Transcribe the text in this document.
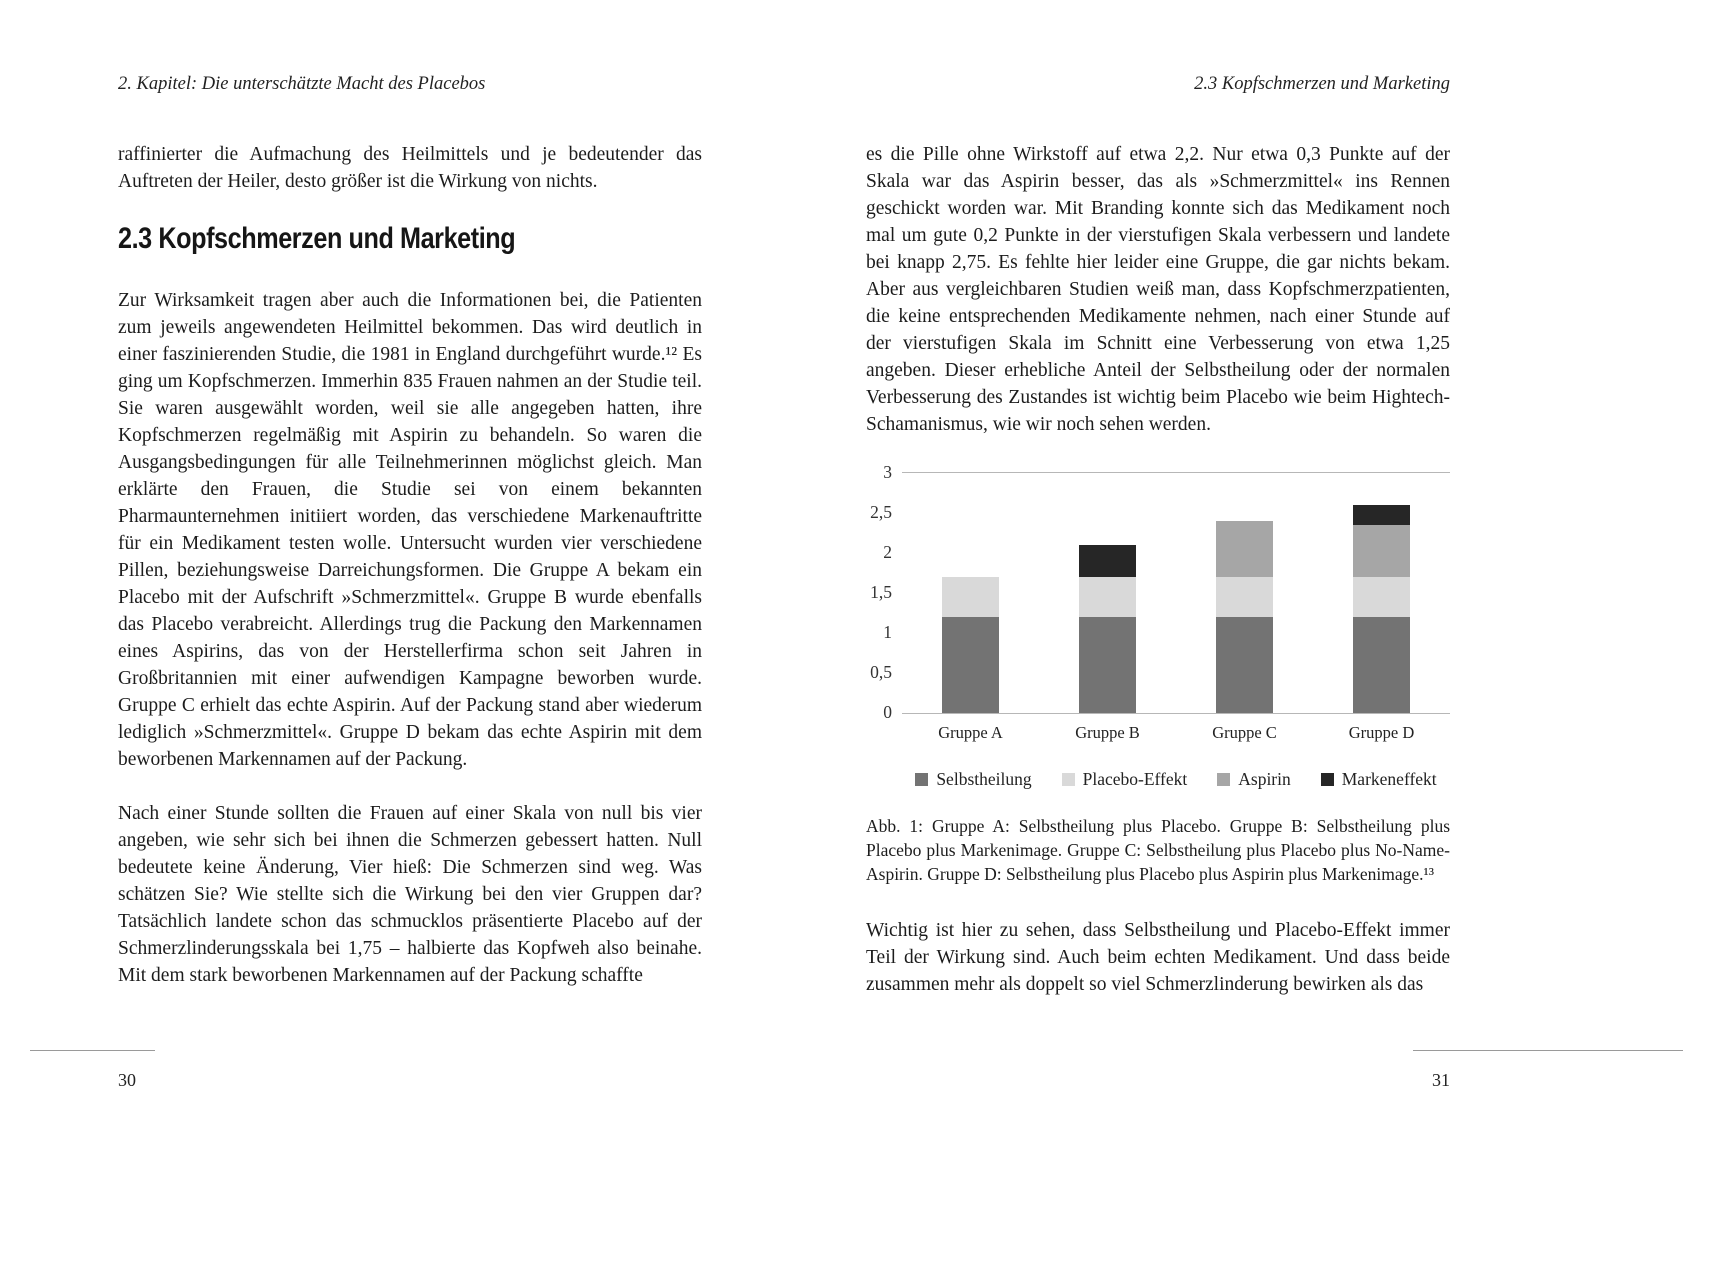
2. Kapitel: Die unterschätzte Macht des Placebos	2.3 Kopfschmerzen und Marketing

raffinierter die Aufmachung des Heilmittels und je bedeutender das Auftreten der Heiler, desto größer ist die Wirkung von nichts.

2.3 Kopfschmerzen und Marketing

Zur Wirksamkeit tragen aber auch die Informationen bei, die Patienten zum jeweils angewendeten Heilmittel bekommen. Das wird deutlich in einer faszinierenden Studie, die 1981 in England durchgeführt wurde.¹² Es ging um Kopfschmerzen. Immerhin 835 Frauen nahmen an der Studie teil. Sie waren ausgewählt worden, weil sie alle angegeben hatten, ihre Kopfschmerzen regelmäßig mit Aspirin zu behandeln. So waren die Ausgangsbedingungen für alle Teilnehmerinnen möglichst gleich. Man erklärte den Frauen, die Studie sei von einem bekannten Pharmaunternehmen initiiert worden, das verschiedene Markenauftritte für ein Medikament testen wolle. Untersucht wurden vier verschiedene Pillen, beziehungsweise Darreichungsformen. Die Gruppe A bekam ein Placebo mit der Aufschrift »Schmerzmittel«. Gruppe B wurde ebenfalls das Placebo verabreicht. Allerdings trug die Packung den Markennamen eines Aspirins, das von der Herstellerfirma schon seit Jahren in Großbritannien mit einer aufwendigen Kampagne beworben wurde. Gruppe C erhielt das echte Aspirin. Auf der Packung stand aber wiederum lediglich »Schmerzmittel«. Gruppe D bekam das echte Aspirin mit dem beworbenen Markennamen auf der Packung.

Nach einer Stunde sollten die Frauen auf einer Skala von null bis vier angeben, wie sehr sich bei ihnen die Schmerzen gebessert hatten. Null bedeutete keine Änderung, Vier hieß: Die Schmerzen sind weg. Was schätzen Sie? Wie stellte sich die Wirkung bei den vier Gruppen dar? Tatsächlich landete schon das schmucklos präsentierte Placebo auf der Schmerzlinderungsskala bei 1,75 – halbierte das Kopfweh also beinahe. Mit dem stark beworbenen Markennamen auf der Packung schaffte

es die Pille ohne Wirkstoff auf etwa 2,2. Nur etwa 0,3 Punkte auf der Skala war das Aspirin besser, das als »Schmerzmittel« ins Rennen geschickt worden war. Mit Branding konnte sich das Medikament noch mal um gute 0,2 Punkte in der vierstufigen Skala verbessern und landete bei knapp 2,75. Es fehlte hier leider eine Gruppe, die gar nichts bekam. Aber aus vergleichbaren Studien weiß man, dass Kopfschmerzpatienten, die keine entsprechenden Medikamente nehmen, nach einer Stunde auf der vierstufigen Skala im Schnitt eine Verbesserung von etwa 1,25 angeben. Dieser erhebliche Anteil der Selbstheilung oder der normalen Verbesserung des Zustandes ist wichtig beim Placebo wie beim Hightech-Schamanismus, wie wir noch sehen werden.

0
0,5
1
1,5
2
2,5
3
Gruppe A	Gruppe B	Gruppe C	Gruppe D
Selbstheilung	Placebo-Effekt	Aspirin	Markeneffekt

Abb. 1: Gruppe A: Selbstheilung plus Placebo. Gruppe B: Selbstheilung plus Placebo plus Markenimage. Gruppe C: Selbstheilung plus Placebo plus No-Name-Aspirin. Gruppe D: Selbstheilung plus Placebo plus Aspirin plus Markenimage.¹³

Wichtig ist hier zu sehen, dass Selbstheilung und Placebo-Effekt immer Teil der Wirkung sind. Auch beim echten Medikament. Und dass beide zusammen mehr als doppelt so viel Schmerzlinderung bewirken als das

30	31
